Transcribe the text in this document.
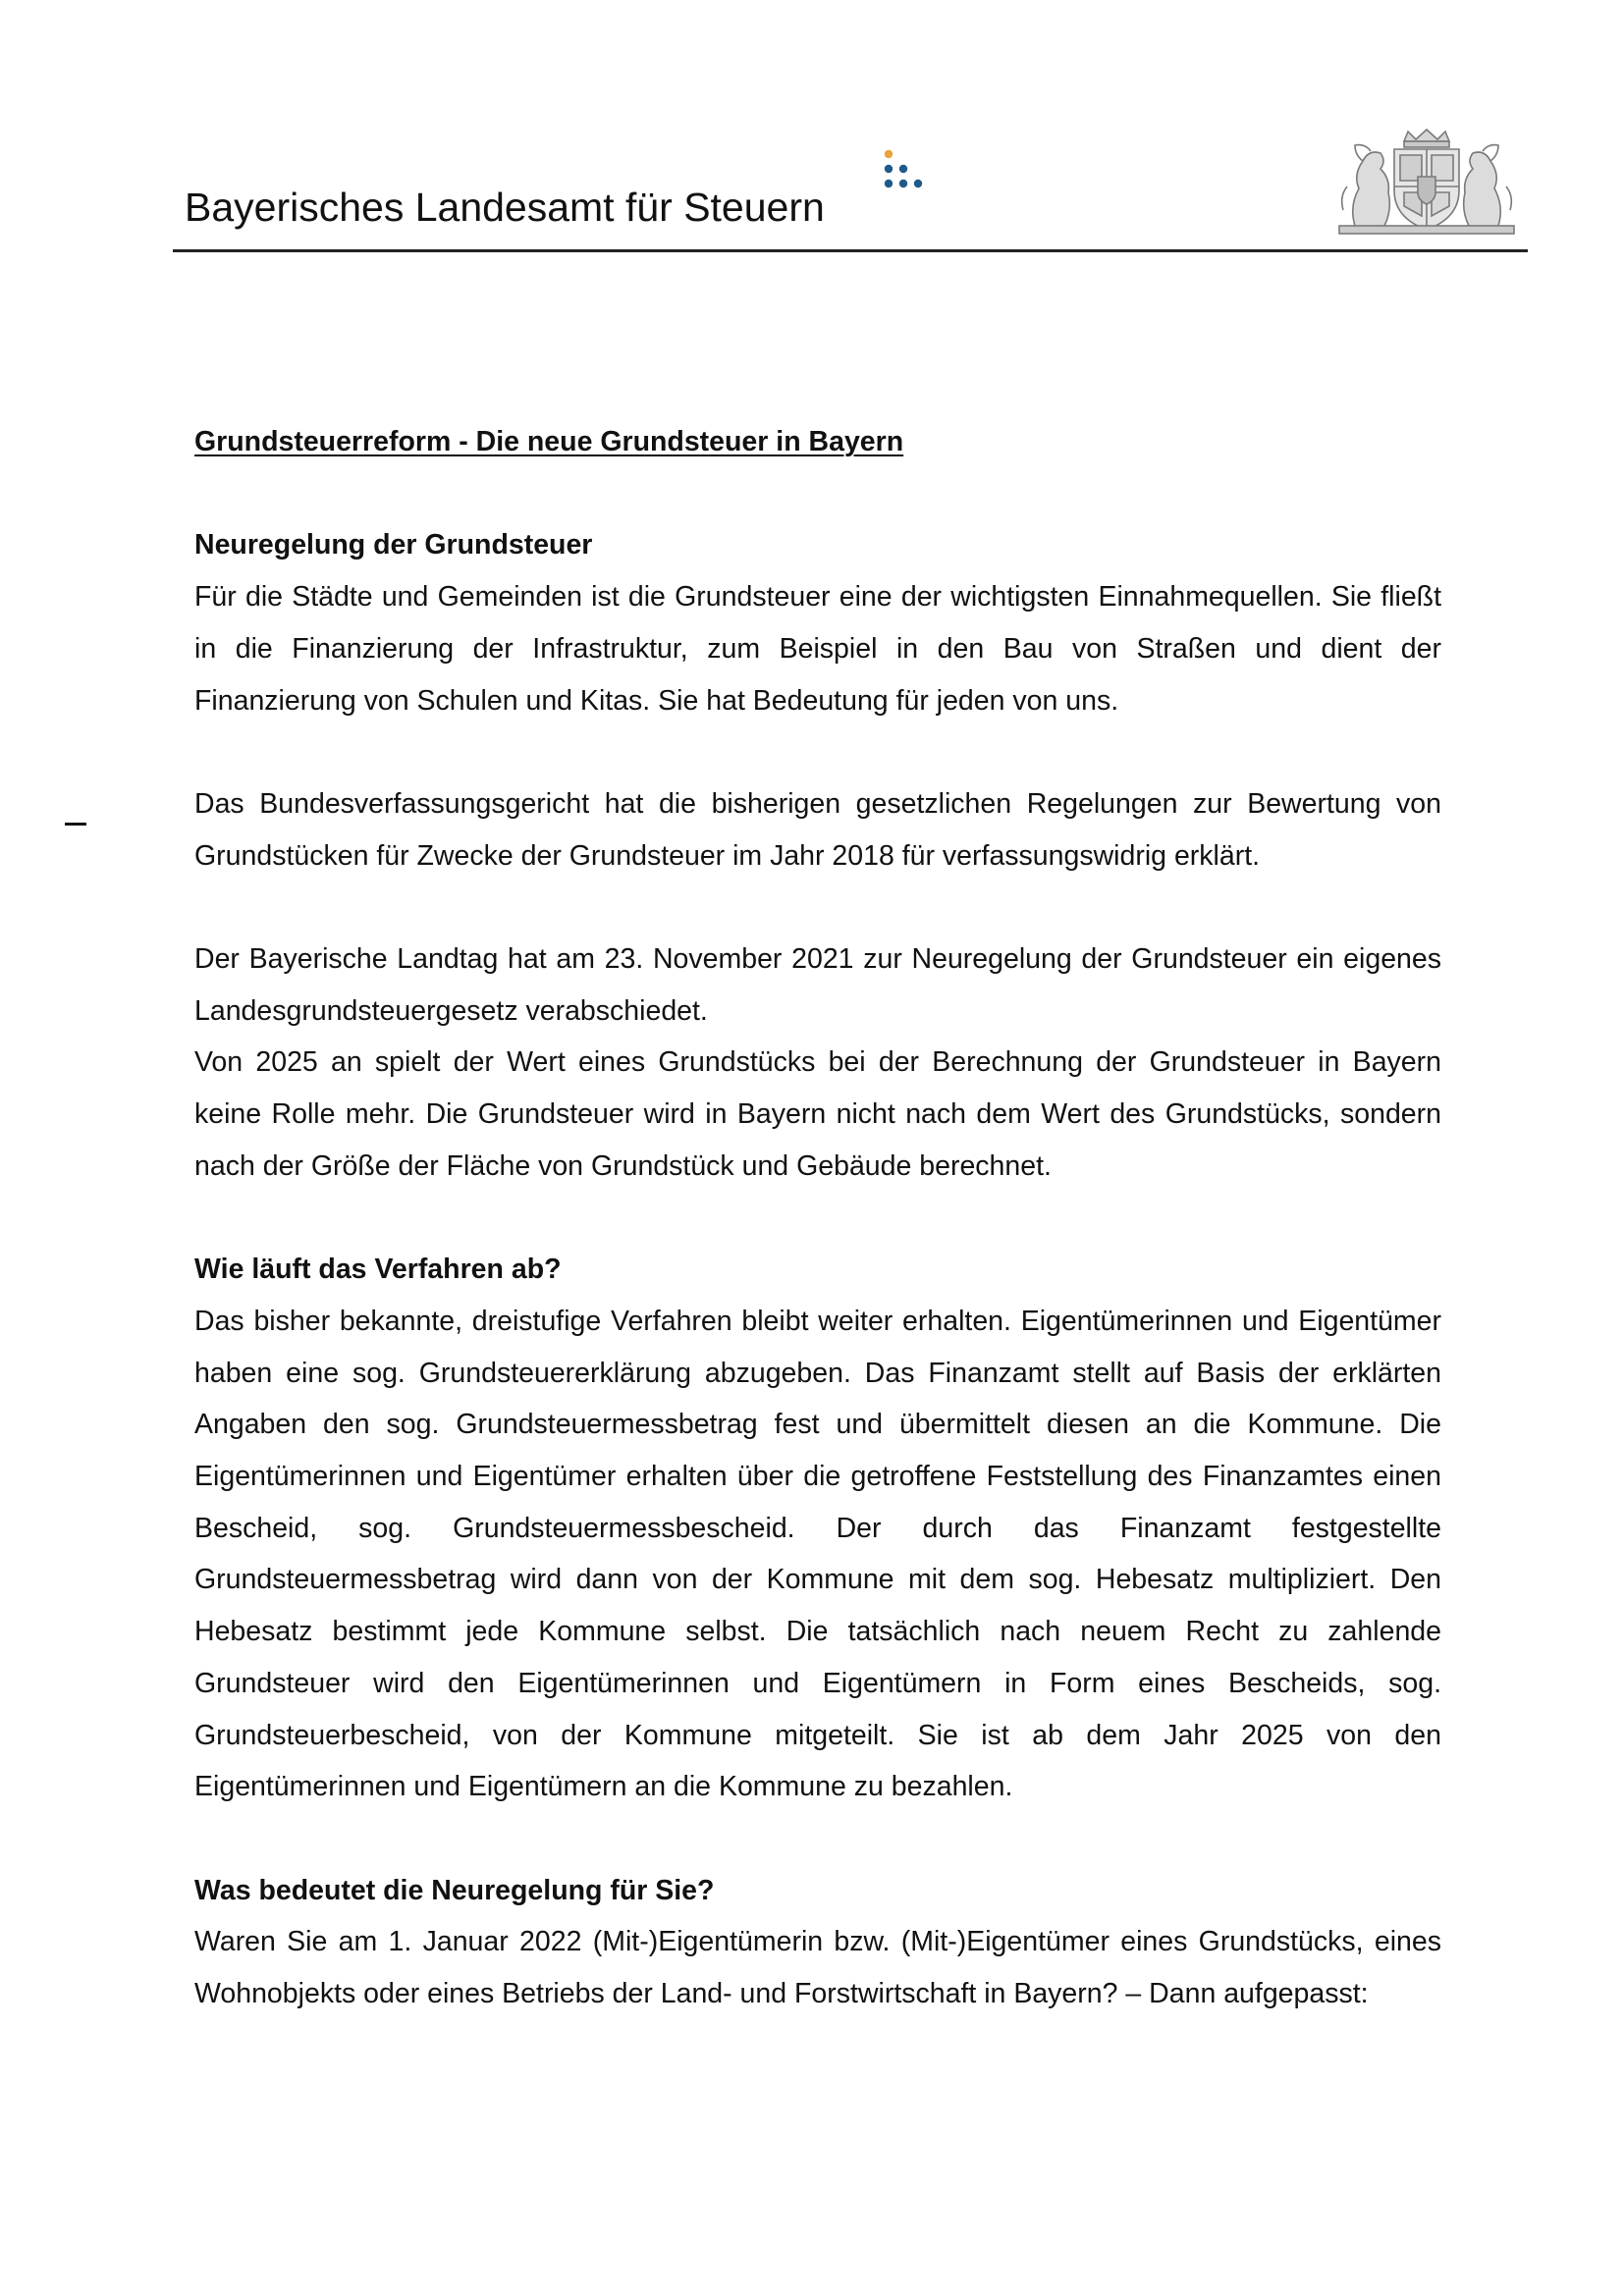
Bayerisches Landesamt für Steuern

Grundsteuerreform - Die neue Grundsteuer in Bayern

Neuregelung der Grundsteuer

Für die Städte und Gemeinden ist die Grundsteuer eine der wichtigsten Einnahmequellen. Sie fließt in die Finanzierung der Infrastruktur, zum Beispiel in den Bau von Straßen und dient der Finanzierung von Schulen und Kitas. Sie hat Bedeutung für jeden von uns.

Das Bundesverfassungsgericht hat die bisherigen gesetzlichen Regelungen zur Bewertung von Grundstücken für Zwecke der Grundsteuer im Jahr 2018 für verfassungswidrig erklärt.

Der Bayerische Landtag hat am 23. November 2021 zur Neuregelung der Grundsteuer ein eigenes Landesgrundsteuergesetz verabschiedet.

Von 2025 an spielt der Wert eines Grundstücks bei der Berechnung der Grundsteuer in Bayern keine Rolle mehr. Die Grundsteuer wird in Bayern nicht nach dem Wert des Grundstücks, sondern nach der Größe der Fläche von Grundstück und Gebäude berechnet.

Wie läuft das Verfahren ab?

Das bisher bekannte, dreistufige Verfahren bleibt weiter erhalten. Eigentümerinnen und Eigentümer haben eine sog. Grundsteuererklärung abzugeben. Das Finanzamt stellt auf Basis der erklärten Angaben den sog. Grundsteuermessbetrag fest und übermittelt diesen an die Kommune. Die Eigentümerinnen und Eigentümer erhalten über die getroffene Feststellung des Finanzamtes einen Bescheid, sog. Grundsteuermessbescheid. Der durch das Finanzamt festgestellte Grundsteuermessbetrag wird dann von der Kommune mit dem sog. Hebesatz multipliziert. Den Hebesatz bestimmt jede Kommune selbst. Die tatsächlich nach neuem Recht zu zahlende Grundsteuer wird den Eigentümerinnen und Eigentümern in Form eines Bescheids, sog. Grundsteuerbescheid, von der Kommune mitgeteilt. Sie ist ab dem Jahr 2025 von den Eigentümerinnen und Eigentümern an die Kommune zu bezahlen.

Was bedeutet die Neuregelung für Sie?

Waren Sie am 1. Januar 2022 (Mit-)Eigentümerin bzw. (Mit-)Eigentümer eines Grundstücks, eines Wohnobjekts oder eines Betriebs der Land- und Forstwirtschaft in Bayern? – Dann aufgepasst:
